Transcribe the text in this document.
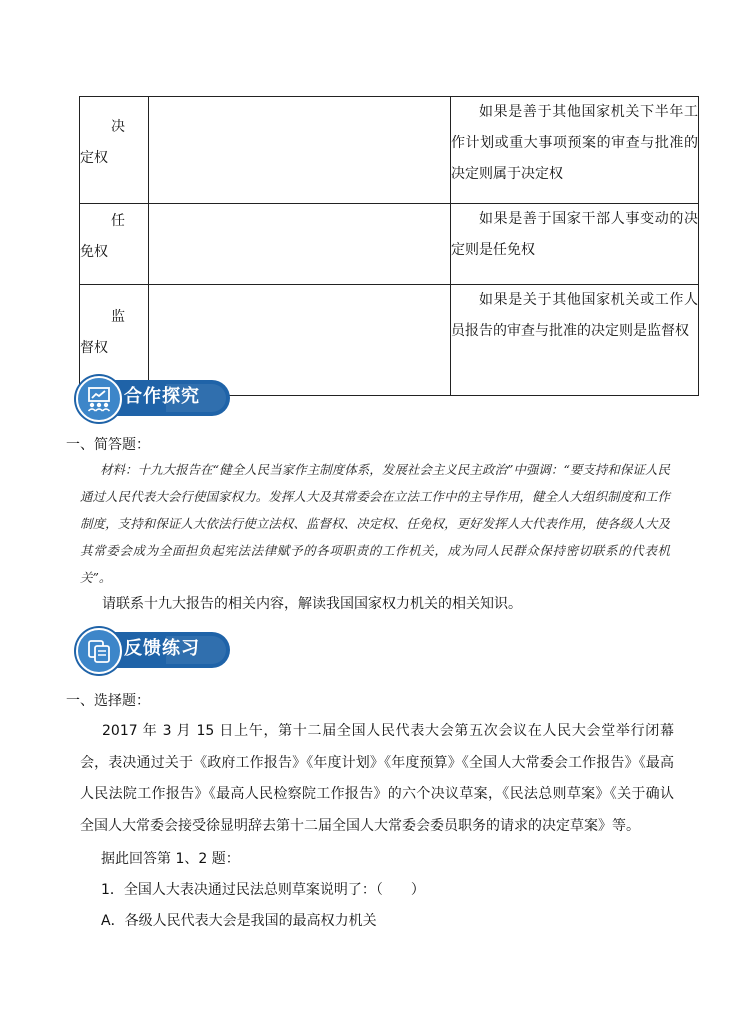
决
定权		如果是善于其他国家机关下半年工作计划或重大事项预案的审查与批准的决定则属于决定权

任
免权		如果是善于国家干部人事变动的决定则是任免权

监
督权		如果是关于其他国家机关或工作人员报告的审查与批准的决定则是监督权
合作探究
一、简答题：
材料：十九大报告在“健全人民当家作主制度体系，发展社会主义民主政治”中强调：“要支持和保证人民通过人民代表大会行使国家权力。发挥人大及其常委会在立法工作中的主导作用，健全人大组织制度和工作制度，支持和保证人大依法行使立法权、监督权、决定权、任免权，更好发挥人大代表作用，使各级人大及其常委会成为全面担负起宪法法律赋予的各项职责的工作机关，成为同人民群众保持密切联系的代表机关”。
请联系十九大报告的相关内容，解读我国国家权力机关的相关知识。
反馈练习
一、选择题：
2017 年 3 月 15 日上午，第十二届全国人民代表大会第五次会议在人民大会堂举行闭幕会，表决通过关于《政府工作报告》《年度计划》《年度预算》《全国人大常委会工作报告》《最高人民法院工作报告》《最高人民检察院工作报告》的六个决议草案，《民法总则草案》《关于确认全国人大常委会接受徐显明辞去第十二届全国人大常委会委员职务的请求的决定草案》等。
据此回答第 1、2 题：
1．全国人大表决通过民法总则草案说明了：（　　）
A．各级人民代表大会是我国的最高权力机关
